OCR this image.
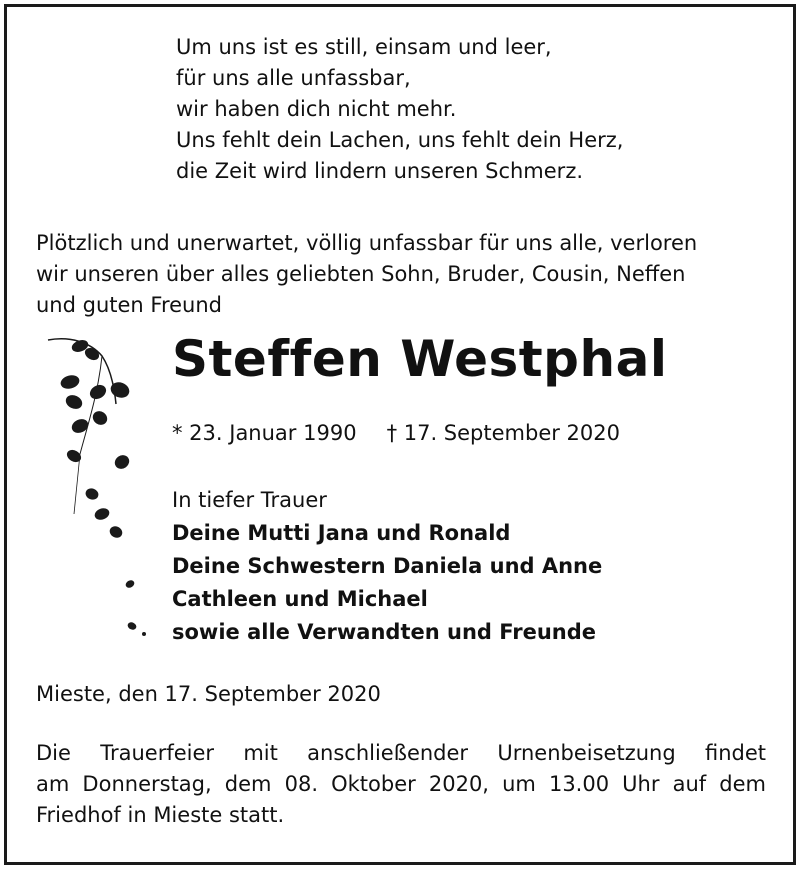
Um uns ist es still, einsam und leer,
für uns alle unfassbar,
wir haben dich nicht mehr.
Uns fehlt dein Lachen, uns fehlt dein Herz,
die Zeit wird lindern unseren Schmerz.
Plötzlich und unerwartet, völlig unfassbar für uns alle, verloren
wir unseren über alles geliebten Sohn, Bruder, Cousin, Neffen
und guten Freund
Steffen Westphal
* 23. Januar 1990 † 17. September 2020
In tiefer Trauer
Deine Mutti Jana und Ronald
Deine Schwestern Daniela und Anne
Cathleen und Michael
sowie alle Verwandten und Freunde
Mieste, den 17. September 2020
Die Trauerfeier mit anschließender Urnenbeisetzung findet
am Donnerstag, dem 08. Oktober 2020, um 13.00 Uhr auf dem
Friedhof in Mieste statt.
